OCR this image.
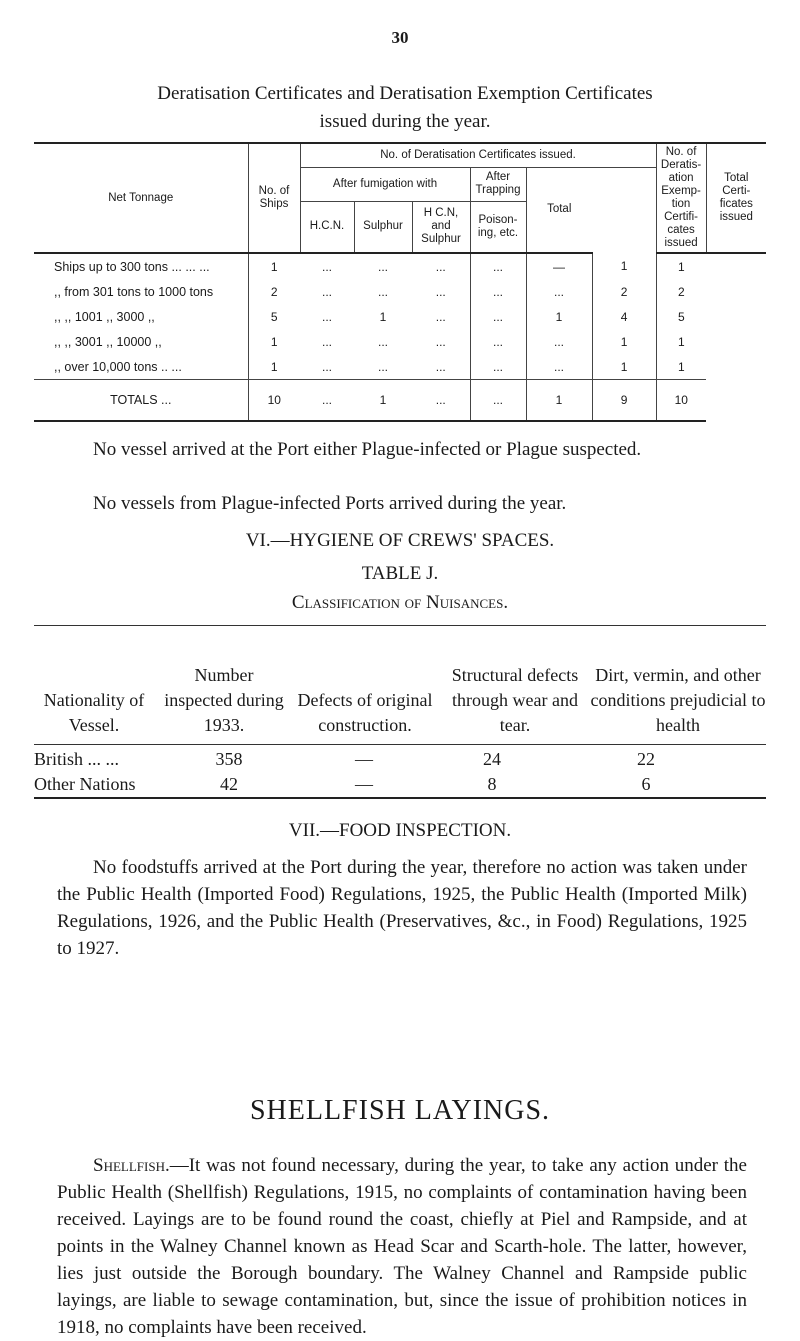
30
Deratisation Certificates and Deratisation Exemption Certificates
issued during the year.
Net Tonnage	No. of Ships	No. of Deratisation Certificates issued.						No. of Deratis-ation Exemp-tion Certifi-cates issued	Total Certi-ficates issued
		After fumigation with			After Trapping	Total		
		H.C.N.	Sulphur	H C.N, and Sulphur	Poison-ing, etc.				
Ships up to 300 tons ... ... ...	1	...	...	...	...	—	1	1
,, from 301 tons to 1000 tons	2	...	...	...	...	...	2	2
,, ,, 1001 ,, 3000 ,,	5	...	1	...	...	1	4	5
,, ,, 3001 ,, 10000 ,,	1	...	...	...	...	...	1	1
,, over 10,000 tons .. ...	1	...	...	...	...	...	1	1
TOTALS ...	10	...	1	...	...	1	9	10
No vessel arrived at the Port either Plague-infected or Plague suspected.
No vessels from Plague-infected Ports arrived during the year.
VI.—HYGIENE OF CREWS' SPACES.
TABLE J.
Classification of Nuisances.
Nationality of Vessel.
Number inspected during 1933.
Defects of original construction.
Structural defects through wear and tear.
Dirt, vermin, and other conditions prejudicial to health
British ... ...	358	—	24	22
Other Nations	42	—	8	6
VII.—FOOD INSPECTION.
No foodstuffs arrived at the Port during the year, therefore no action was taken under the Public Health (Imported Food) Regulations, 1925, the Public Health (Imported Milk) Regulations, 1926, and the Public Health (Preservatives, &c., in Food) Regulations, 1925 to 1927.
SHELLFISH LAYINGS.
Shellfish.—It was not found necessary, during the year, to take any action under the Public Health (Shellfish) Regulations, 1915, no complaints of contamination having been received. Layings are to be found round the coast, chiefly at Piel and Rampside, and at points in the Walney Channel known as Head Scar and Scarth-hole. The latter, however, lies just outside the Borough boundary. The Walney Channel and Rampside public layings, are liable to sewage contamination, but, since the issue of prohibition notices in 1918, no complaints have been received.
